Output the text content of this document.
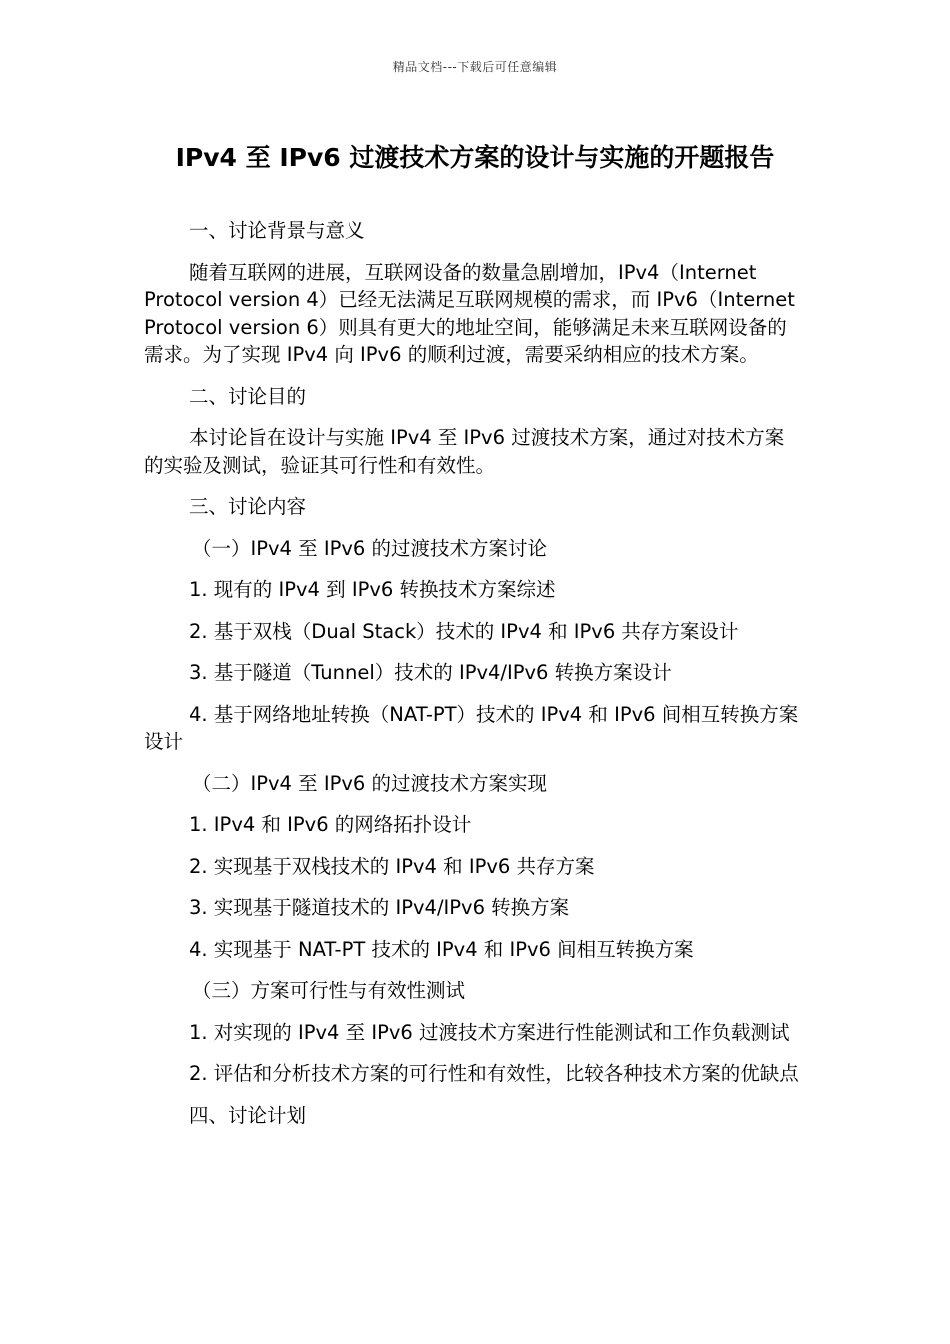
精品文档---下载后可任意编辑
IPv4 至 IPv6 过渡技术方案的设计与实施的开题报告

一、讨论背景与意义

随着互联网的进展，互联网设备的数量急剧增加，IPv4（Internet Protocol version 4）已经无法满足互联网规模的需求，而 IPv6（Internet Protocol version 6）则具有更大的地址空间，能够满足未来互联网设备的需求。为了实现 IPv4 向 IPv6 的顺利过渡，需要采纳相应的技术方案。

二、讨论目的

本讨论旨在设计与实施 IPv4 至 IPv6 过渡技术方案，通过对技术方案的实验及测试，验证其可行性和有效性。

三、讨论内容

（一）IPv4 至 IPv6 的过渡技术方案讨论

1. 现有的 IPv4 到 IPv6 转换技术方案综述

2. 基于双栈（Dual Stack）技术的 IPv4 和 IPv6 共存方案设计

3. 基于隧道（Tunnel）技术的 IPv4/IPv6 转换方案设计

4. 基于网络地址转换（NAT-PT）技术的 IPv4 和 IPv6 间相互转换方案设计

（二）IPv4 至 IPv6 的过渡技术方案实现

1. IPv4 和 IPv6 的网络拓扑设计

2. 实现基于双栈技术的 IPv4 和 IPv6 共存方案

3. 实现基于隧道技术的 IPv4/IPv6 转换方案

4. 实现基于 NAT-PT 技术的 IPv4 和 IPv6 间相互转换方案

（三）方案可行性与有效性测试

1. 对实现的 IPv4 至 IPv6 过渡技术方案进行性能测试和工作负载测试

2. 评估和分析技术方案的可行性和有效性，比较各种技术方案的优缺点

四、讨论计划
